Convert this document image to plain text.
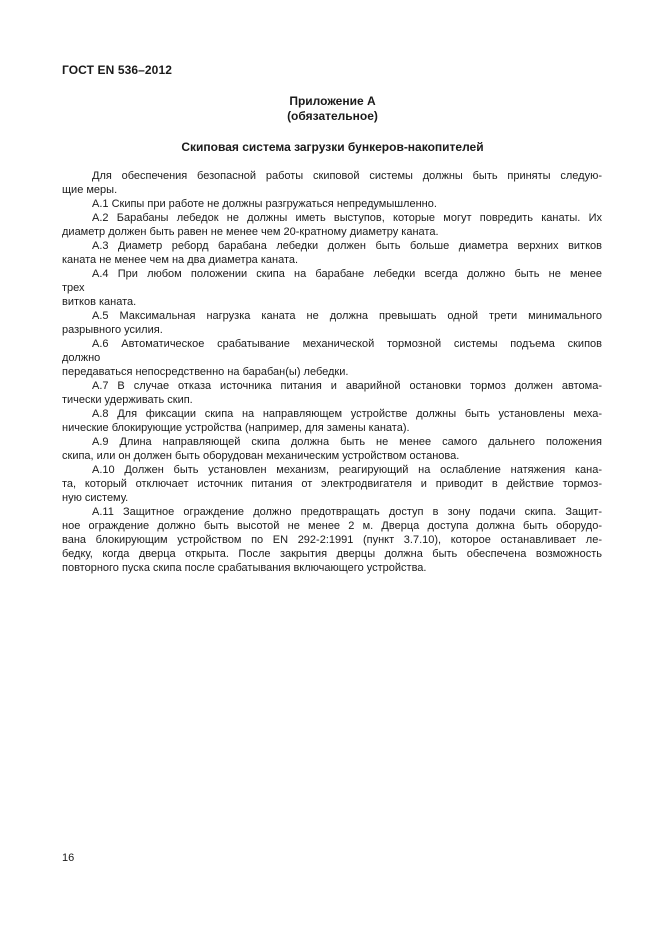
ГОСТ EN 536–2012
Приложение А
(обязательное)
Скиповая система загрузки бункеров-накопителей
Для обеспечения безопасной работы скиповой системы должны быть приняты следую-
щие меры.
А.1 Скипы при работе не должны разгружаться непредумышленно.
А.2 Барабаны лебедок не должны иметь выступов, которые могут повредить канаты. Их
диаметр должен быть равен не менее чем 20-кратному диаметру каната.
А.3 Диаметр реборд барабана лебедки должен быть больше диаметра верхних витков
каната не менее чем на два диаметра каната.
А.4 При любом положении скипа на барабане лебедки всегда должно быть не менее
трех
витков каната.
А.5 Максимальная нагрузка каната не должна превышать одной трети минимального
разрывного усилия.
А.6 Автоматическое срабатывание механической тормозной системы подъема скипов
должно
передаваться непосредственно на барабан(ы) лебедки.
А.7 В случае отказа источника питания и аварийной остановки тормоз должен автома-
тически удерживать скип.
А.8 Для фиксации скипа на направляющем устройстве должны быть установлены меха-
нические блокирующие устройства (например, для замены каната).
А.9 Длина направляющей скипа должна быть не менее самого дальнего положения
скипа, или он должен быть оборудован механическим устройством останова.
А.10 Должен быть установлен механизм, реагирующий на ослабление натяжения кана-
та, который отключает источник питания от электродвигателя и приводит в действие тормоз-
ную систему.
А.11 Защитное ограждение должно предотвращать доступ в зону подачи скипа. Защит-
ное ограждение должно быть высотой не менее 2 м. Дверца доступа должна быть оборудо-
вана блокирующим устройством по EN 292-2:1991 (пункт 3.7.10), которое останавливает ле-
бедку, когда дверца открыта. После закрытия дверцы должна быть обеспечена возможность
повторного пуска скипа после срабатывания включающего устройства.
16
